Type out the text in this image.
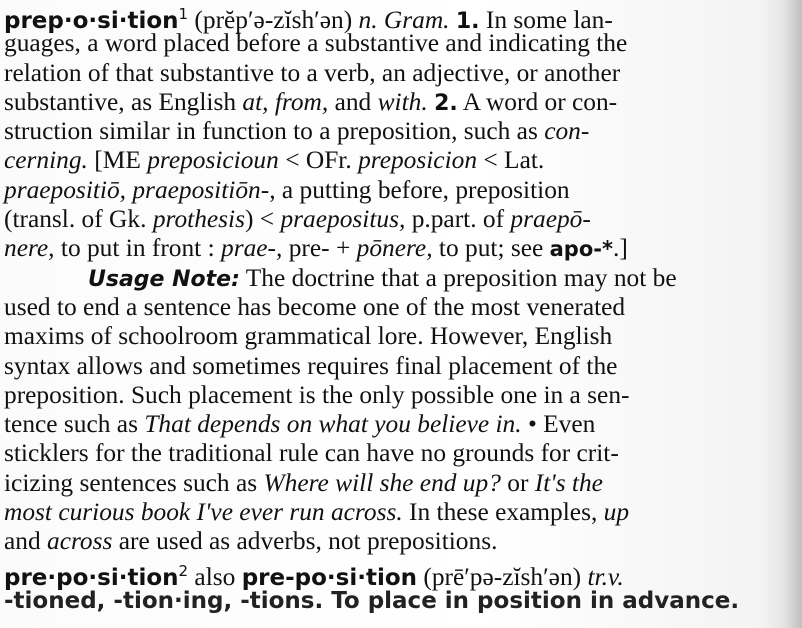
prep·o·si·tion$^1$ (prĕp′ə-zĭsh′ən) n. Gram. 1. In some lan-
guages, a word placed before a substantive and indicating the
relation of that substantive to a verb, an adjective, or another
substantive, as English at, from, and with. 2. A word or con-
struction similar in function to a preposition, such as con-
cerning. [ME preposicioun < OFr. preposicion < Lat.
praepositiō, praepositiōn-, a putting before, preposition
(transl. of Gk. prothesis) < praepositus, p.part. of praepō-
nere, to put in front : prae-, pre- + pōnere, to put; see apo-*.]
Usage Note: The doctrine that a preposition may not be
used to end a sentence has become one of the most venerated
maxims of schoolroom grammatical lore. However, English
syntax allows and sometimes requires final placement of the
preposition. Such placement is the only possible one in a sen-
tence such as That depends on what you believe in. • Even
sticklers for the traditional rule can have no grounds for crit-
icizing sentences such as Where will she end up? or It's the
most curious book I've ever run across. In these examples, up
and across are used as adverbs, not prepositions.
pre·po·si·tion$^2$ also pre-po·si·tion (prē′pə-zĭsh′ən) tr.v.
-tioned, -tion·ing, -tions. To place in position in advance.
